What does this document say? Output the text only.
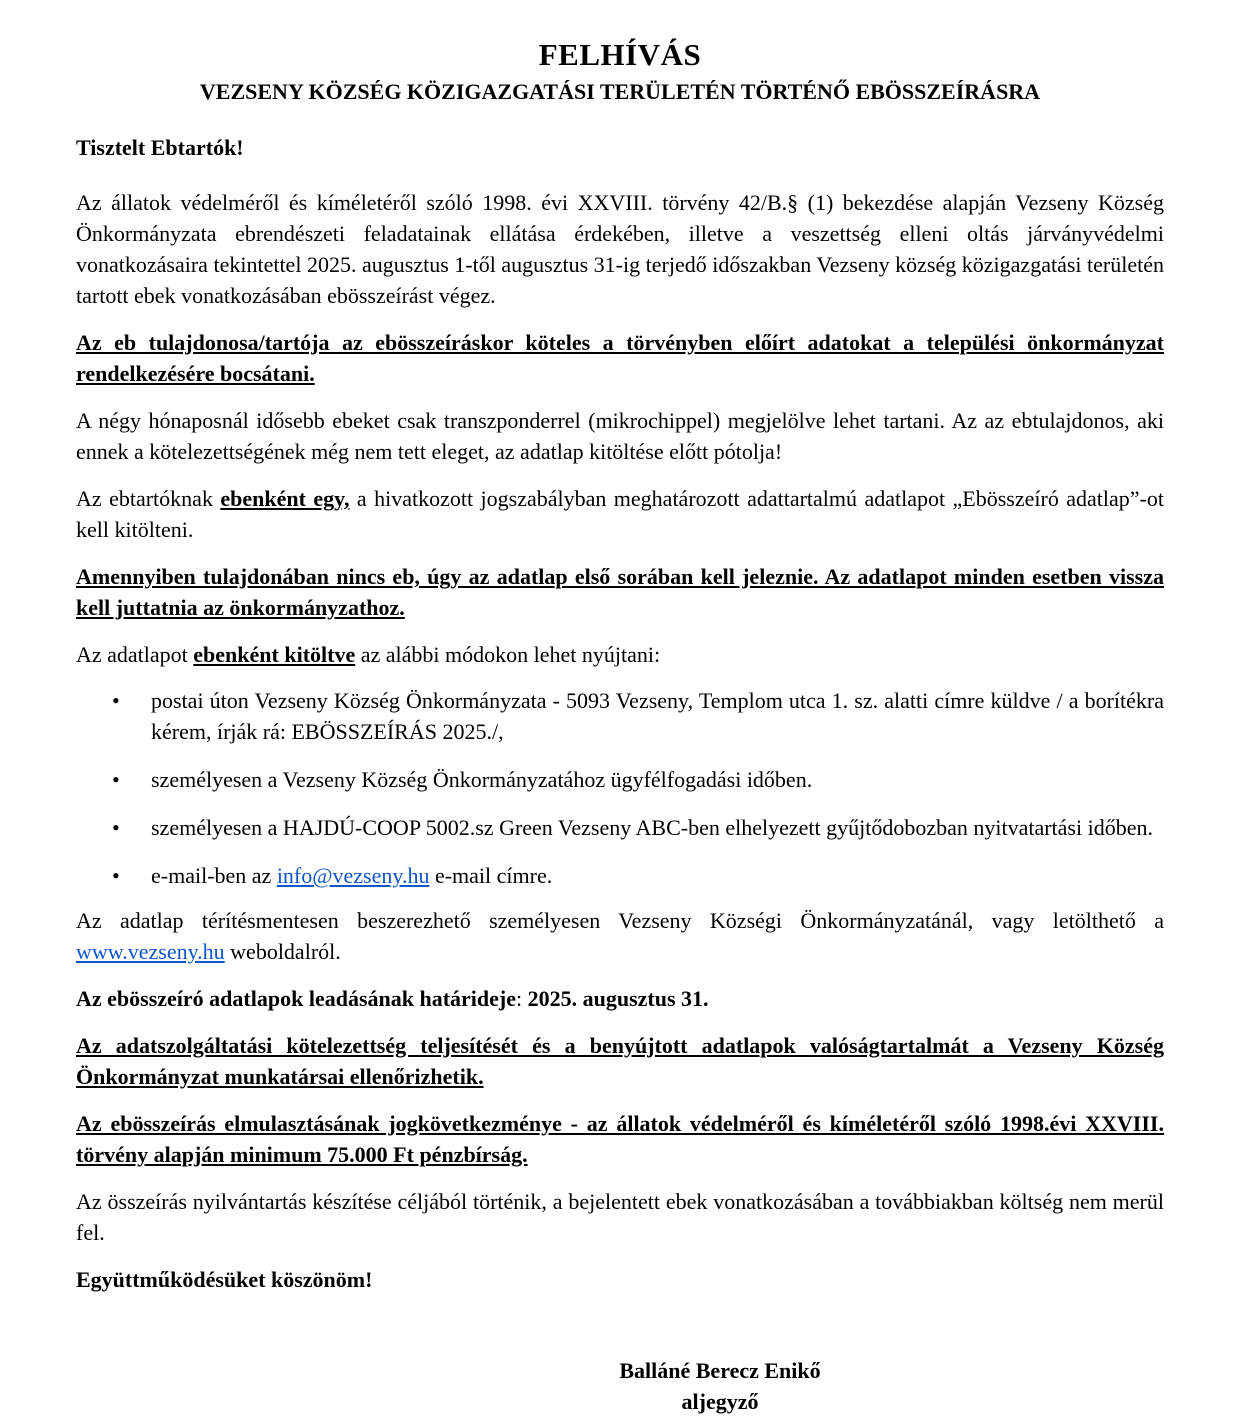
FELHÍVÁS
VEZSENY KÖZSÉG KÖZIGAZGATÁSI TERÜLETÉN TÖRTÉNŐ EBÖSSZEÍRÁSRA
Tisztelt Ebtartók!

Az állatok védelméről és kíméletéről szóló 1998. évi XXVIII. törvény 42/B.§ (1) bekezdése alapján Vezseny Község Önkormányzata ebrendészeti feladatainak ellátása érdekében, illetve a veszettség elleni oltás járványvédelmi vonatkozásaira tekintettel 2025. augusztus 1-től augusztus 31-ig terjedő időszakban Vezseny község közigazgatási területén tartott ebek vonatkozásában ebösszeírást végez.

Az eb tulajdonosa/tartója az ebösszeíráskor köteles a törvényben előírt adatokat a települési önkormányzat rendelkezésére bocsátani.

A négy hónaposnál idősebb ebeket csak transzponderrel (mikrochippel) megjelölve lehet tartani. Az az ebtulajdonos, aki ennek a kötelezettségének még nem tett eleget, az adatlap kitöltése előtt pótolja!

Az ebtartóknak ebenként egy, a hivatkozott jogszabályban meghatározott adattartalmú adatlapot „Ebösszeíró adatlap”-ot kell kitölteni.

Amennyiben tulajdonában nincs eb, úgy az adatlap első sorában kell jeleznie. Az adatlapot minden esetben vissza kell juttatnia az önkormányzathoz.

Az adatlapot ebenként kitöltve az alábbi módokon lehet nyújtani:

• postai úton Vezseny Község Önkormányzata - 5093 Vezseny, Templom utca 1. sz. alatti címre küldve / a borítékra kérem, írják rá: EBÖSSZEÍRÁS 2025./,
• személyesen a Vezseny Község Önkormányzatához ügyfélfogadási időben.
• személyesen a HAJDÚ-COOP 5002.sz Green Vezseny ABC-ben elhelyezett gyűjtődobozban nyitvatartási időben.
• e-mail-ben az info@vezseny.hu e-mail címre.

Az adatlap térítésmentesen beszerezhető személyesen Vezseny Községi Önkormányzatánál, vagy letölthető a www.vezseny.hu weboldalról.

Az ebösszeíró adatlapok leadásának határideje: 2025. augusztus 31.

Az adatszolgáltatási kötelezettség teljesítését és a benyújtott adatlapok valóságtartalmát a Vezseny Község Önkormányzat munkatársai ellenőrizhetik.

Az ebösszeírás elmulasztásának jogkövetkezménye - az állatok védelméről és kíméletéről szóló 1998.évi XXVIII. törvény alapján minimum 75.000 Ft pénzbírság.

Az összeírás nyilvántartás készítése céljából történik, a bejelentett ebek vonatkozásában a továbbiakban költség nem merül fel.

Együttműködésüket köszönöm!

Balláné Berecz Enikő
aljegyző
